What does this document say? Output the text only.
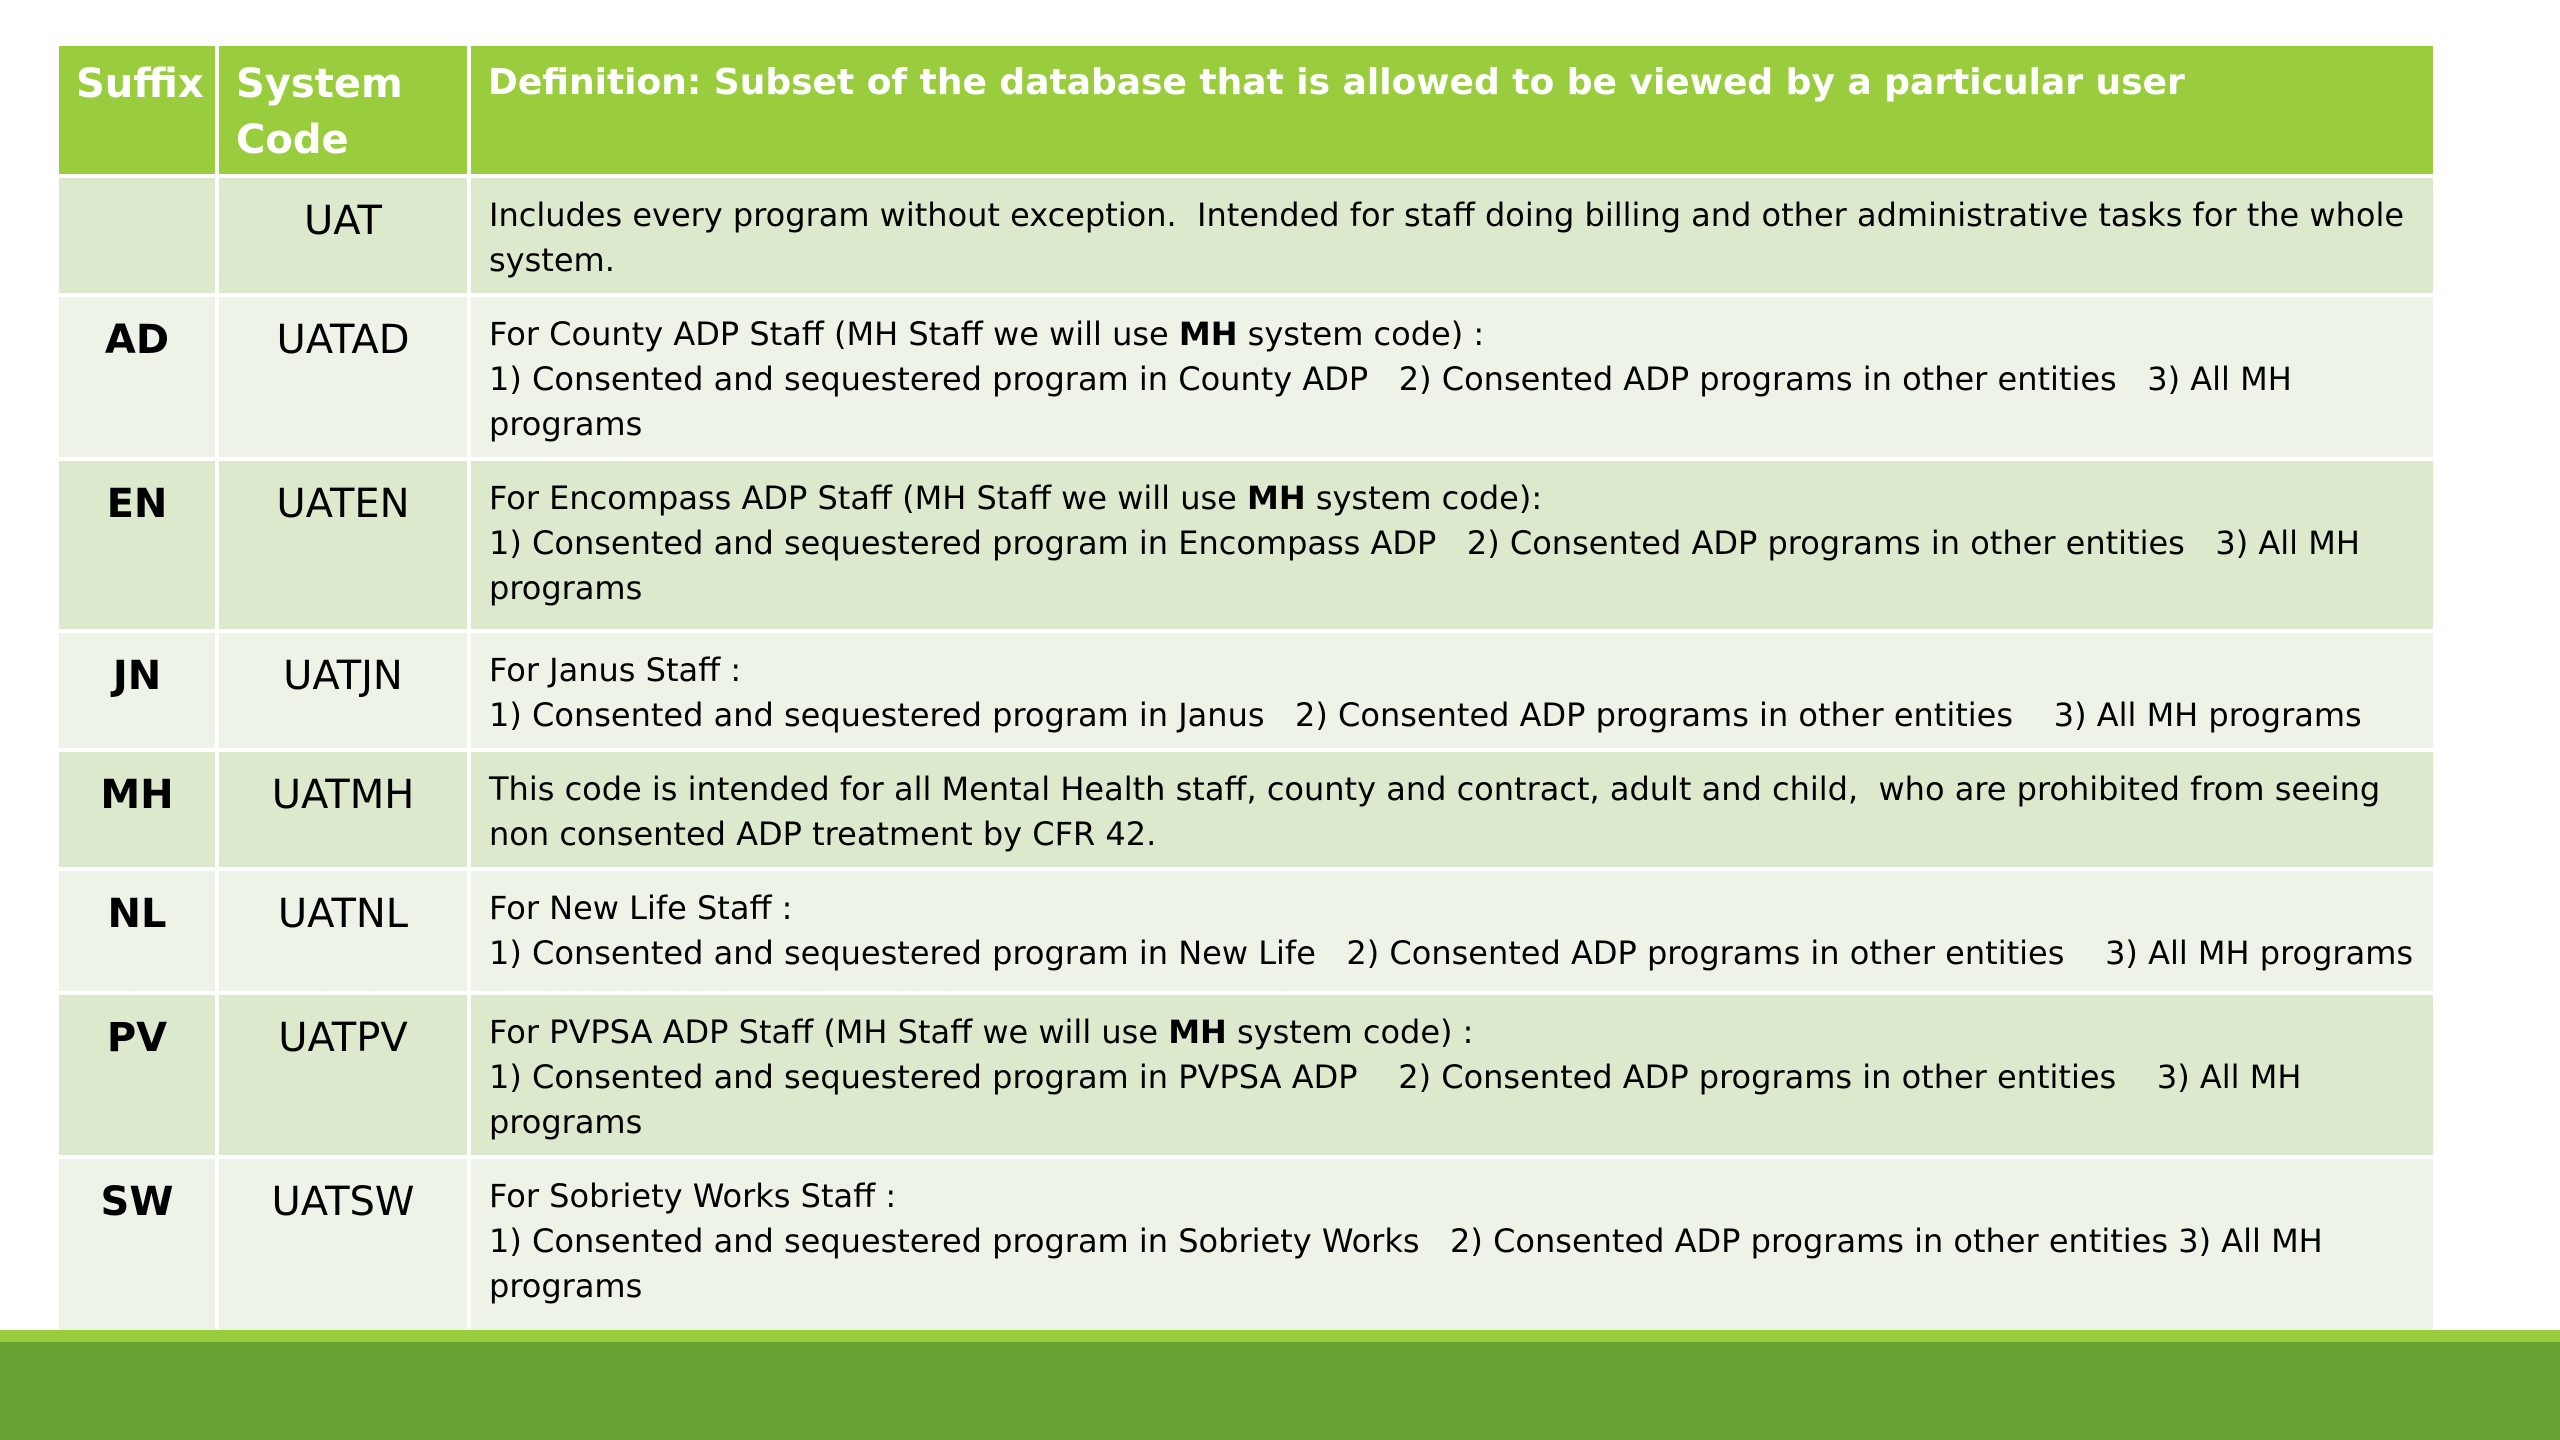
Suffix	System Code	Definition: Subset of the database that is allowed to be viewed by a particular user
	UAT	Includes every program without exception.  Intended for staff doing billing and other administrative tasks for the whole system.
AD	UATAD	For County ADP Staff (MH Staff we will use MH system code) :
1) Consented and sequestered program in County ADP   2) Consented ADP programs in other entities   3) All MH programs
EN	UATEN	For Encompass ADP Staff (MH Staff we will use MH system code):
1) Consented and sequestered program in Encompass ADP   2) Consented ADP programs in other entities   3) All MH programs
JN	UATJN	For Janus Staff :
1) Consented and sequestered program in Janus   2) Consented ADP programs in other entities    3) All MH programs
MH	UATMH	This code is intended for all Mental Health staff, county and contract, adult and child,  who are prohibited from seeing non consented ADP treatment by CFR 42.
NL	UATNL	For New Life Staff :
1) Consented and sequestered program in New Life   2) Consented ADP programs in other entities    3) All MH programs
PV	UATPV	For PVPSA ADP Staff (MH Staff we will use MH system code) :
1) Consented and sequestered program in PVPSA ADP    2) Consented ADP programs in other entities    3) All MH programs
SW	UATSW	For Sobriety Works Staff :
1) Consented and sequestered program in Sobriety Works   2) Consented ADP programs in other entities 3) All MH programs
